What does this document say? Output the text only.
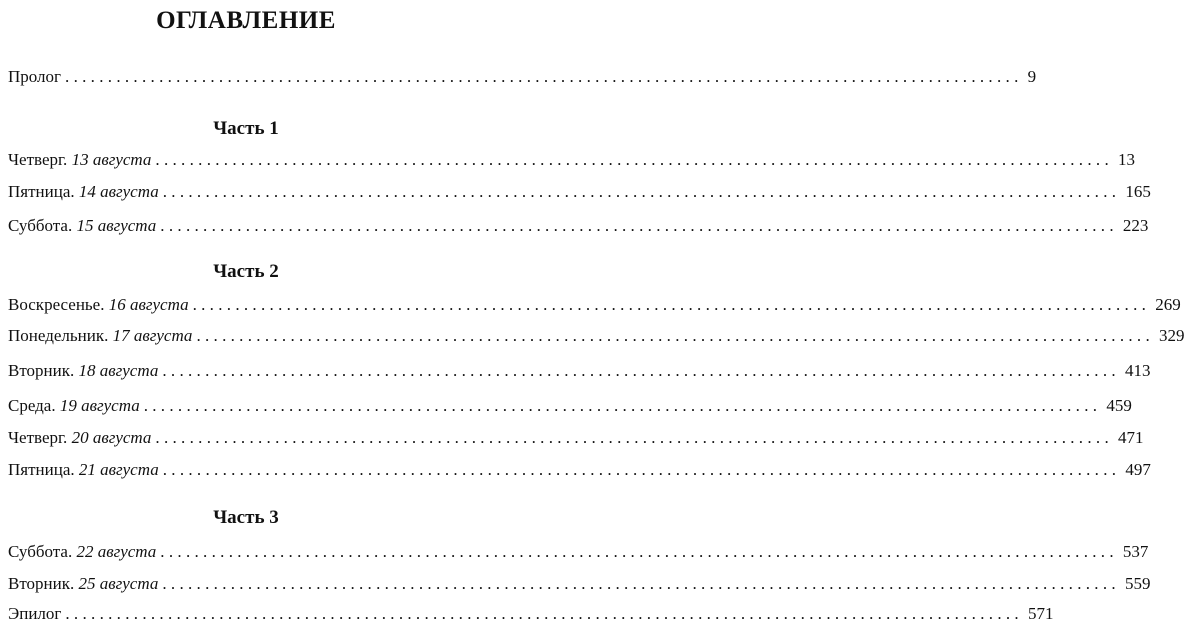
ОГЛАВЛЕНИЕ
Пролог ................................................................................................................ 9
Часть 1
Четверг. 13 августа ................................................................................................................ 13
Пятница. 14 августа ................................................................................................................ 165
Суббота. 15 августа ................................................................................................................ 223
Часть 2
Воскресенье. 16 августа ................................................................................................................ 269
Понедельник. 17 августа ................................................................................................................ 329
Вторник. 18 августа ................................................................................................................ 413
Среда. 19 августа ................................................................................................................ 459
Четверг. 20 августа ................................................................................................................ 471
Пятница. 21 августа ................................................................................................................ 497
Часть 3
Суббота. 22 августа ................................................................................................................ 537
Вторник. 25 августа ................................................................................................................ 559
Эпилог ................................................................................................................ 571
